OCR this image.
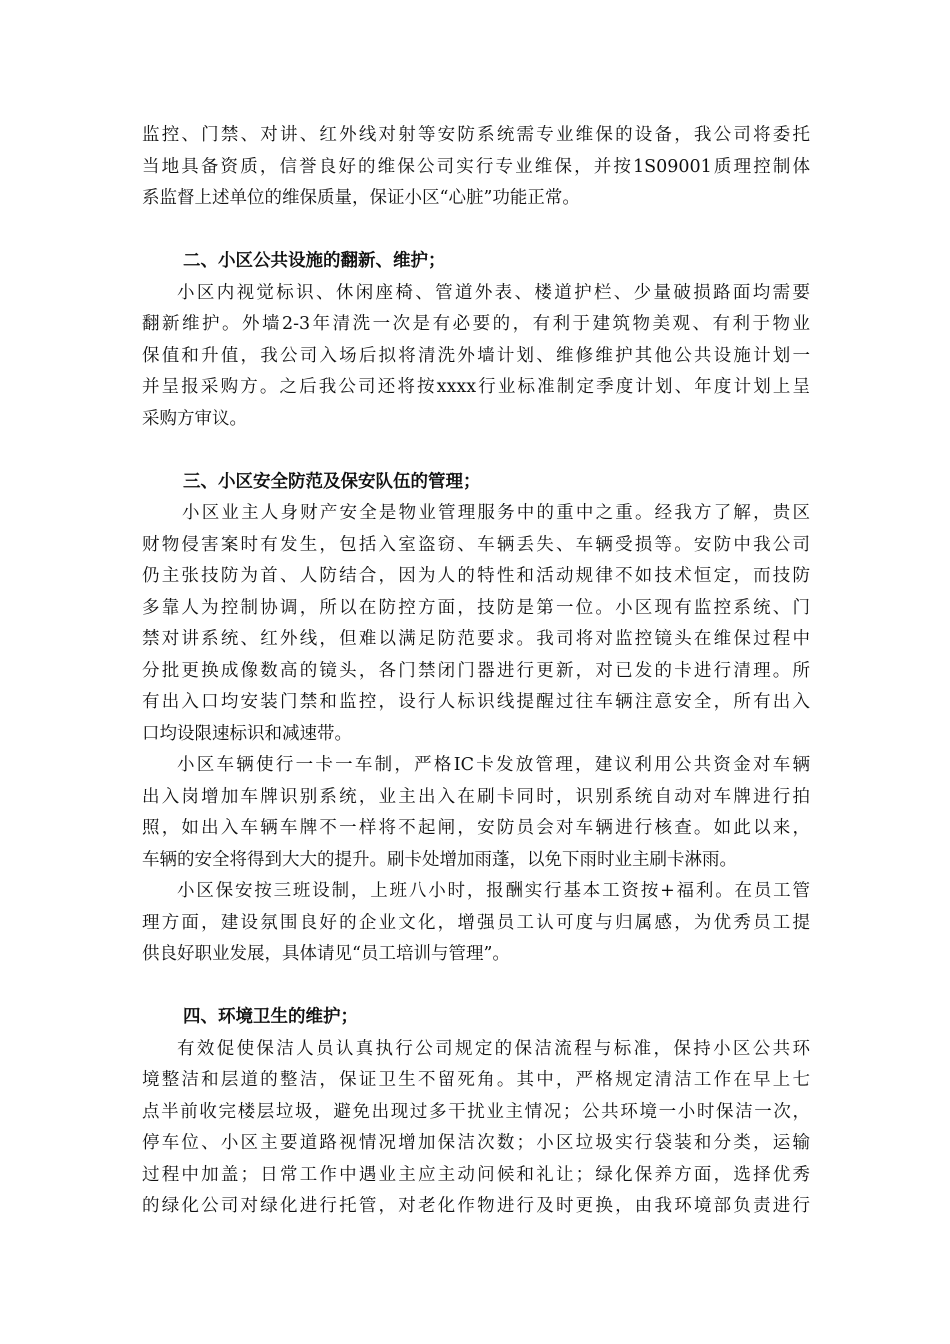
监控、门禁、对讲、红外线对射等安防系统需专业维保的设备，我公司将委托
当地具备资质，信誉良好的维保公司实行专业维保，并按1S09001质理控制体
系监督上述单位的维保质量，保证小区“心脏”功能正常。
二、小区公共设施的翻新、维护；
小区内视觉标识、休闲座椅、管道外表、楼道护栏、少量破损路面均需要
翻新维护。外墙2-3年清洗一次是有必要的，有利于建筑物美观、有利于物业
保值和升值，我公司入场后拟将清洗外墙计划、维修维护其他公共设施计划一
并呈报采购方。之后我公司还将按xxxx行业标准制定季度计划、年度计划上呈
采购方审议。
三、小区安全防范及保安队伍的管理；
小区业主人身财产安全是物业管理服务中的重中之重。经我方了解，贵区
财物侵害案时有发生，包括入室盗窃、车辆丢失、车辆受损等。安防中我公司
仍主张技防为首、人防结合，因为人的特性和活动规律不如技术恒定，而技防
多靠人为控制协调，所以在防控方面，技防是第一位。小区现有监控系统、门
禁对讲系统、红外线，但难以满足防范要求。我司将对监控镜头在维保过程中
分批更换成像数高的镜头，各门禁闭门器进行更新，对已发的卡进行清理。所
有出入口均安装门禁和监控，设行人标识线提醒过往车辆注意安全，所有出入
口均设限速标识和减速带。
小区车辆使行一卡一车制，严格IC卡发放管理，建议利用公共资金对车辆
出入岗增加车牌识别系统，业主出入在刷卡同时，识别系统自动对车牌进行拍
照，如出入车辆车牌不一样将不起闸，安防员会对车辆进行核查。如此以来，
车辆的安全将得到大大的提升。刷卡处增加雨蓬，以免下雨时业主刷卡淋雨。
小区保安按三班设制，上班八小时，报酬实行基本工资按+福利。在员工管
理方面，建设氛围良好的企业文化，增强员工认可度与归属感，为优秀员工提
供良好职业发展，具体请见“员工培训与管理”。
四、环境卫生的维护；
有效促使保洁人员认真执行公司规定的保洁流程与标准，保持小区公共环
境整洁和层道的整洁，保证卫生不留死角。其中，严格规定清洁工作在早上七
点半前收完楼层垃圾，避免出现过多干扰业主情况；公共环境一小时保洁一次，
停车位、小区主要道路视情况增加保洁次数；小区垃圾实行袋装和分类，运输
过程中加盖；日常工作中遇业主应主动问候和礼让；绿化保养方面，选择优秀
的绿化公司对绿化进行托管，对老化作物进行及时更换，由我环境部负责进行
